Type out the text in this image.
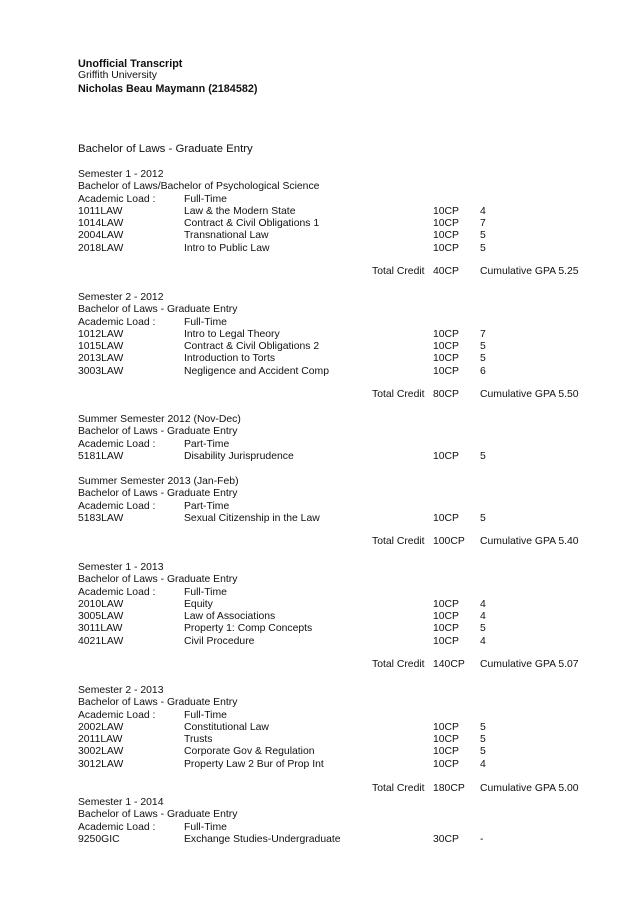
Unofficial Transcript
Griffith University
Nicholas Beau Maymann (2184582)
Bachelor of Laws - Graduate Entry
Semester 1 - 2012
Bachelor of Laws/Bachelor of Psychological Science
Academic Load :	Full-Time
1011LAW	Law & the Modern State	10CP 4
1014LAW	Contract & Civil Obligations 1	10CP 7
2004LAW	Transnational Law	10CP 5
2018LAW	Intro to Public Law	10CP 5
Total Credit 40CP Cumulative GPA 5.25
Semester 2 - 2012
Bachelor of Laws - Graduate Entry
Academic Load :	Full-Time
1012LAW	Intro to Legal Theory	10CP 7
1015LAW	Contract & Civil Obligations 2	10CP 5
2013LAW	Introduction to Torts	10CP 5
3003LAW	Negligence and Accident Comp	10CP 6
Total Credit 80CP Cumulative GPA 5.50
Summer Semester 2012 (Nov-Dec)
Bachelor of Laws - Graduate Entry
Academic Load :	Part-Time
5181LAW	Disability Jurisprudence	10CP 5
Summer Semester 2013 (Jan-Feb)
Bachelor of Laws - Graduate Entry
Academic Load :	Part-Time
5183LAW	Sexual Citizenship in the Law	10CP 5
Total Credit 100CP Cumulative GPA 5.40
Semester 1 - 2013
Bachelor of Laws - Graduate Entry
Academic Load :	Full-Time
2010LAW	Equity	10CP 4
3005LAW	Law of Associations	10CP 4
3011LAW	Property 1: Comp Concepts	10CP 5
4021LAW	Civil Procedure	10CP 4
Total Credit 140CP Cumulative GPA 5.07
Semester 2 - 2013
Bachelor of Laws - Graduate Entry
Academic Load :	Full-Time
2002LAW	Constitutional Law	10CP 5
2011LAW	Trusts	10CP 5
3002LAW	Corporate Gov & Regulation	10CP 5
3012LAW	Property Law 2 Bur of Prop Int	10CP 4
Total Credit 180CP Cumulative GPA 5.00
Semester 1 - 2014
Bachelor of Laws - Graduate Entry
Academic Load :	Full-Time
9250GIC	Exchange Studies-Undergraduate	30CP -
